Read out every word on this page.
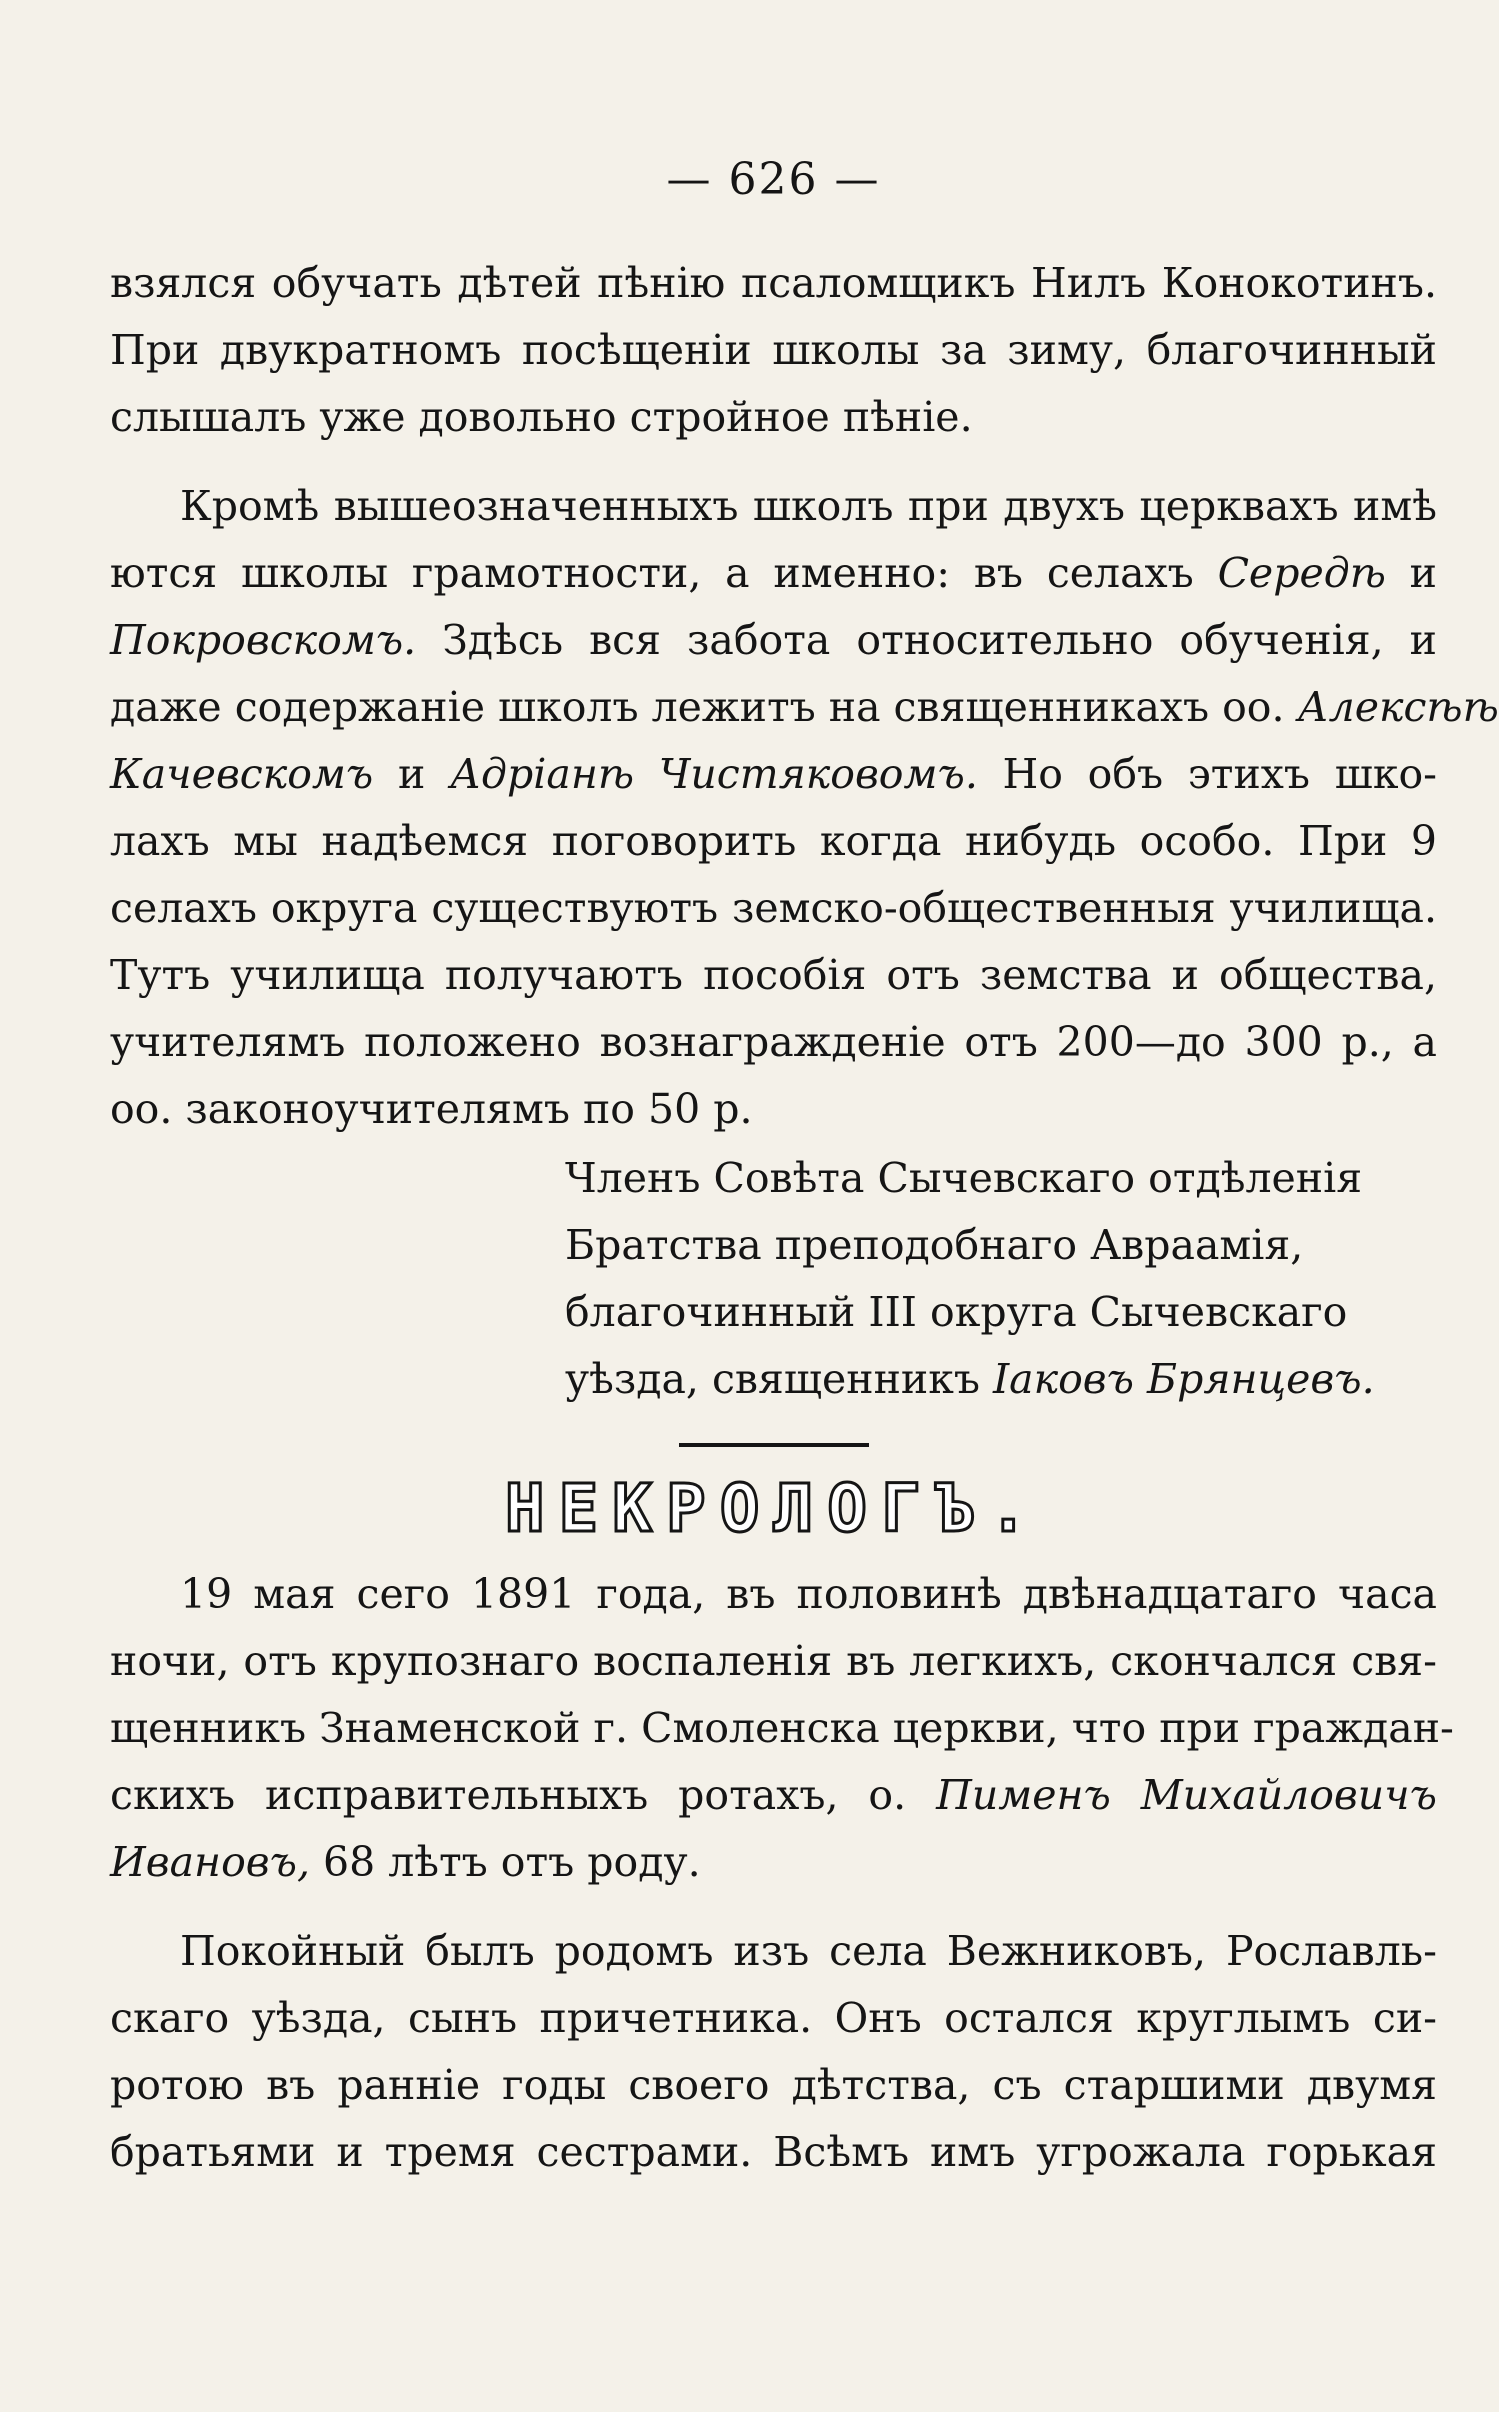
— 626 —
взялся обучать дѣтей пѣнію псаломщикъ Нилъ Конокотинъ.
При двукратномъ посѣщеніи школы за зиму, благочинный
слышалъ уже довольно стройное пѣніе.
Кромѣ вышеозначенныхъ школъ при двухъ церквахъ имѣ
ются школы грамотности, а именно: въ селахъ Середѣ и
Покровскомъ. Здѣсь вся забота относительно обученія, и
даже содержаніе школъ лежитъ на священникахъ оо. Алексѣѣ
Качевскомъ и Адріанѣ Чистяковомъ. Но объ этихъ шко-
лахъ мы надѣемся поговорить когда нибудь особо. При 9
селахъ округа существуютъ земско-общественныя училища.
Тутъ училища получаютъ пособія отъ земства и общества,
учителямъ положено вознагражденіе отъ 200—до 300 р., а
оо. законоучителямъ по 50 р.
Членъ Совѣта Сычевскаго отдѣленія
Братства преподобнаго Авраамія,
благочинный III округа Сычевскаго
уѣзда, священникъ Іаковъ Брянцевъ.
НЕКРОЛОГЪ.
19 мая сего 1891 года, въ половинѣ двѣнадцатаго часа
ночи, отъ крупознаго воспаленія въ легкихъ, скончался свя-
щенникъ Знаменской г. Смоленска церкви, что при граждан-
скихъ исправительныхъ ротахъ, о. Пименъ Михайловичъ
Ивановъ, 68 лѣтъ отъ роду.
Покойный былъ родомъ изъ села Вежниковъ, Рославль-
скаго уѣзда, сынъ причетника. Онъ остался круглымъ си-
ротою въ ранніе годы своего дѣтства, съ старшими двумя
братьями и тремя сестрами. Всѣмъ имъ угрожала горькая
